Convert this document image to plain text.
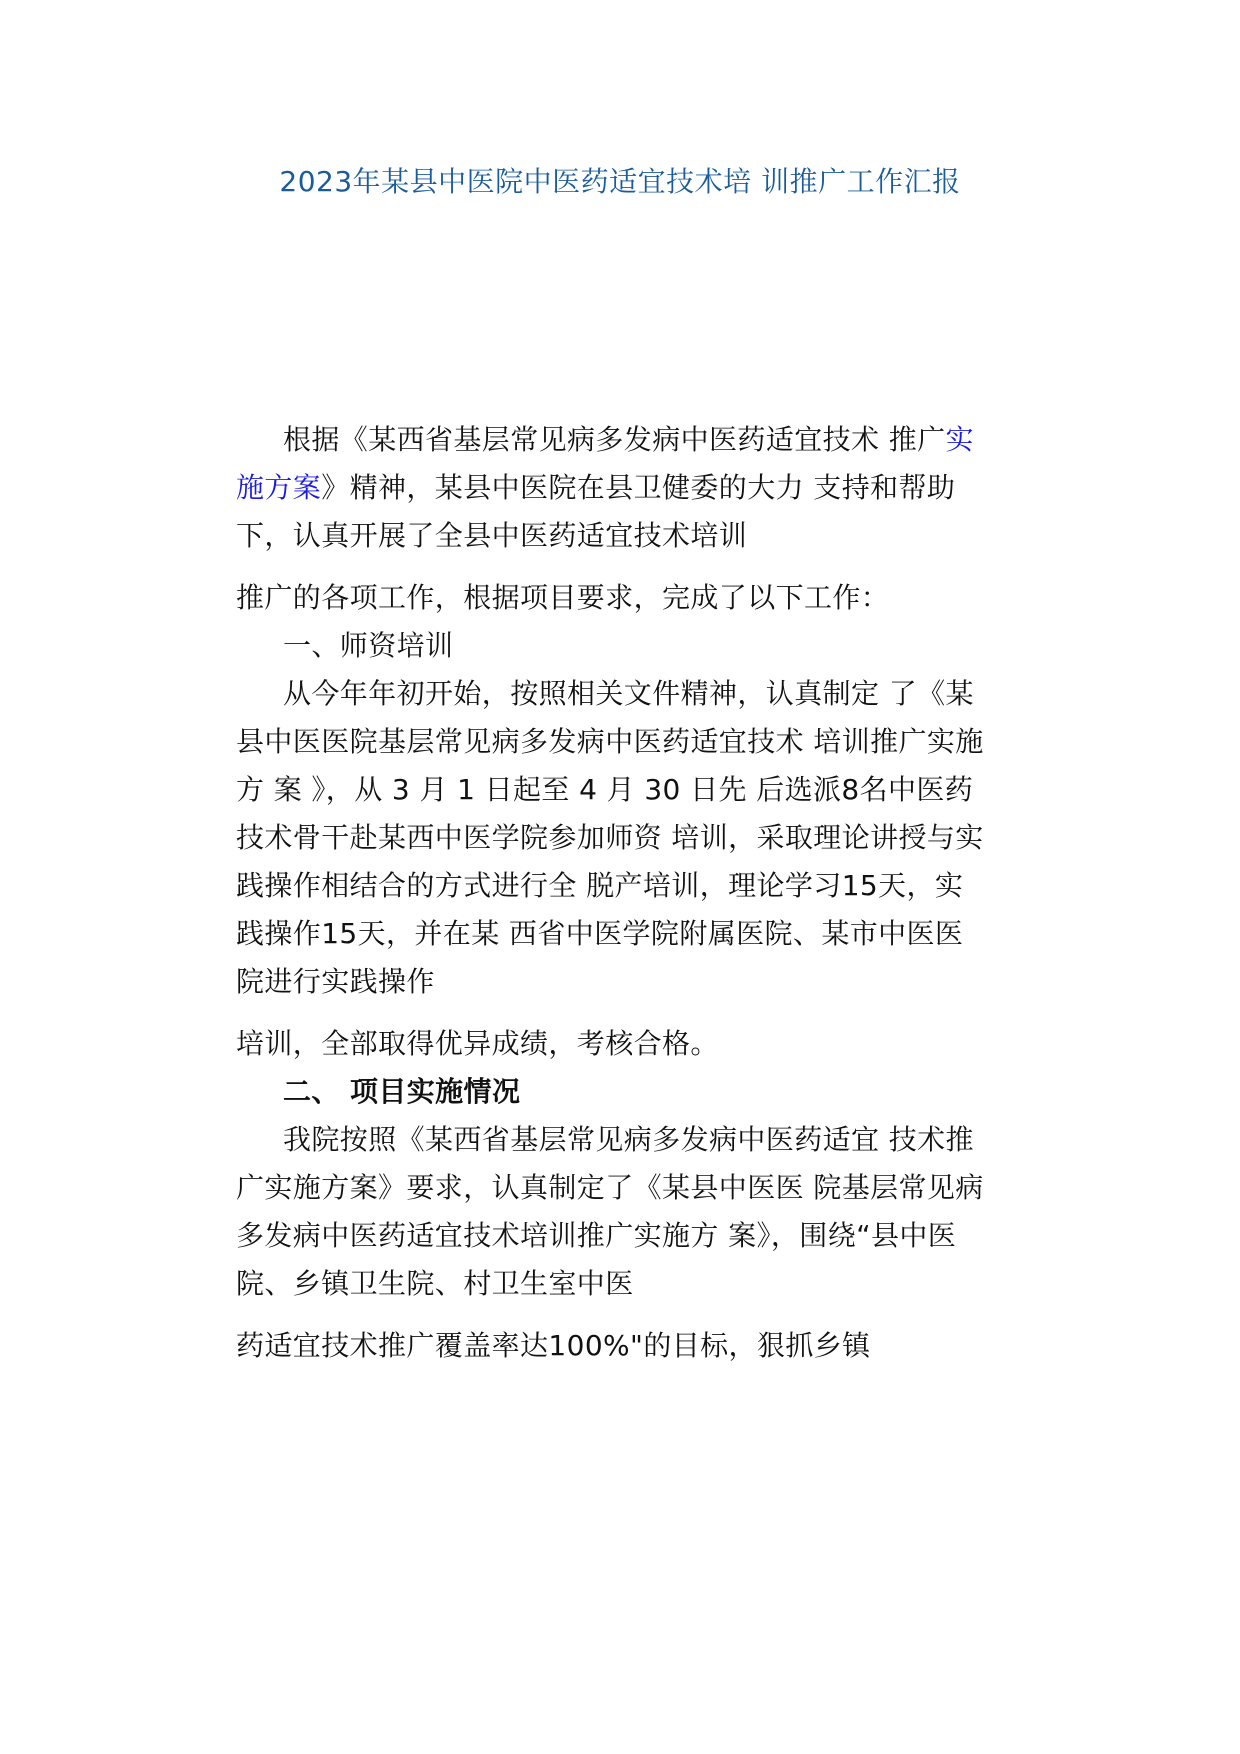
2023年某县中医院中医药适宜技术培 训推广工作汇报
根据《某西省基层常见病多发病中医药适宜技术 推广实
施方案》精神，某县中医院在县卫健委的大力 支持和帮助
下，认真开展了全县中医药适宜技术培训
推广的各项工作，根据项目要求，完成了以下工作：
一、师资培训
从今年年初开始，按照相关文件精神，认真制定 了《某
县中医医院基层常见病多发病中医药适宜技术 培训推广实施
方 案 》，从 3 月 1 日起至 4 月 30 日先 后选派8名中医药
技术骨干赴某西中医学院参加师资 培训，采取理论讲授与实
践操作相结合的方式进行全 脱产培训，理论学习15天，实
践操作15天，并在某 西省中医学院附属医院、某市中医医
院进行实践操作
培训，全部取得优异成绩，考核合格。
二、 项目实施情况
我院按照《某西省基层常见病多发病中医药适宜 技术推
广实施方案》要求，认真制定了《某县中医医 院基层常见病
多发病中医药适宜技术培训推广实施方 案》，围绕“县中医
院、乡镇卫生院、村卫生室中医
药适宜技术推广覆盖率达100%"的目标，狠抓乡镇
